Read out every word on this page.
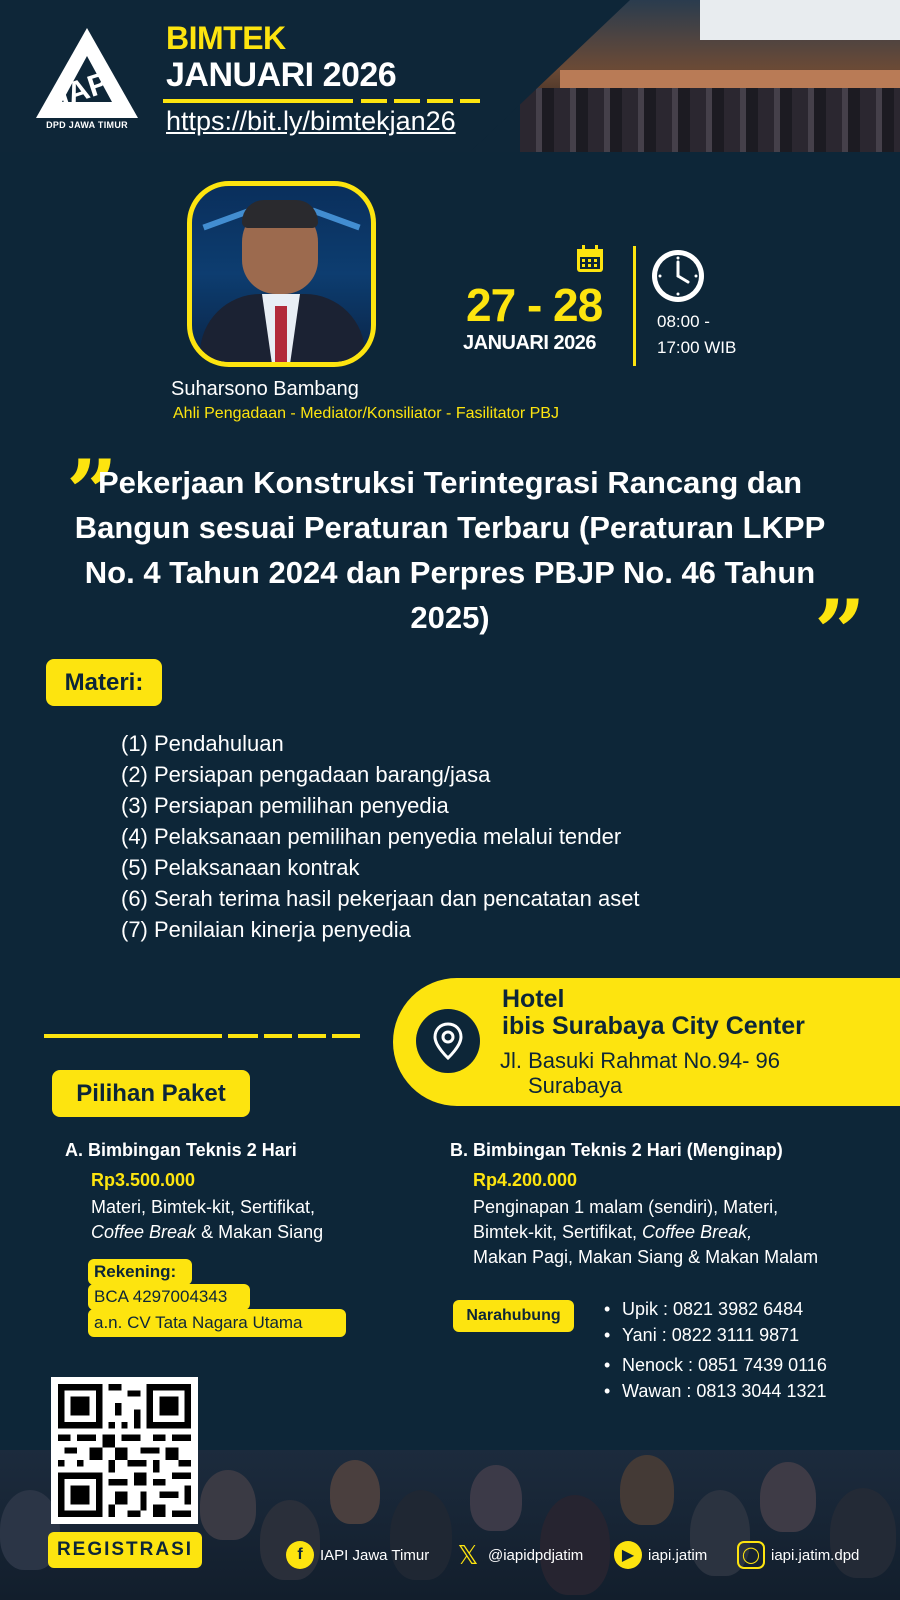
IAPI
DPD JAWA TIMUR
BIMTEK
JANUARI 2026
https://bit.ly/bimtekjan26
Suharsono Bambang
Ahli Pengadaan - Mediator/Konsiliator - Fasilitator PBJ
27 - 28
JANUARI 2026
08:00 -
17:00 WIB
”
Pekerjaan Konstruksi Terintegrasi Rancang dan Bangun sesuai Peraturan Terbaru (Peraturan LKPP No. 4 Tahun 2024 dan Perpres PBJP No. 46 Tahun 2025)	”
Materi:
(1) Pendahuluan
(2) Persiapan pengadaan barang/jasa
(3) Persiapan pemilihan penyedia
(4) Pelaksanaan pemilihan penyedia melalui tender
(5) Pelaksanaan kontrak
(6) Serah terima hasil pekerjaan dan pencatatan aset
(7) Penilaian kinerja penyedia
Hotel
ibis Surabaya City Center
Jl. Basuki Rahmat No.94- 96
Surabaya
Pilihan Paket
A. Bimbingan Teknis 2 Hari
Rp3.500.000
Materi, Bimtek-kit, Sertifikat,
Coffee Break & Makan Siang
Rekening:
BCA 4297004343
a.n. CV Tata Nagara Utama
B. Bimbingan Teknis 2 Hari (Menginap)
Rp4.200.000
Penginapan 1 malam (sendiri), Materi,
Bimtek-kit, Sertifikat, Coffee Break,
Makan Pagi, Makan Siang & Makan Malam
Narahubung
•	Upik : 0821 3982 6484
• Yani : 0822 3111 9871
• Nenock : 0851 7439 0116
• Wawan : 0813 3044 1321
REGISTRASI	f	IAPI Jawa Timur 𝕏 @iapidpdjatim	▶ iapi.jatim	◯ iapi.jatim.dpd
